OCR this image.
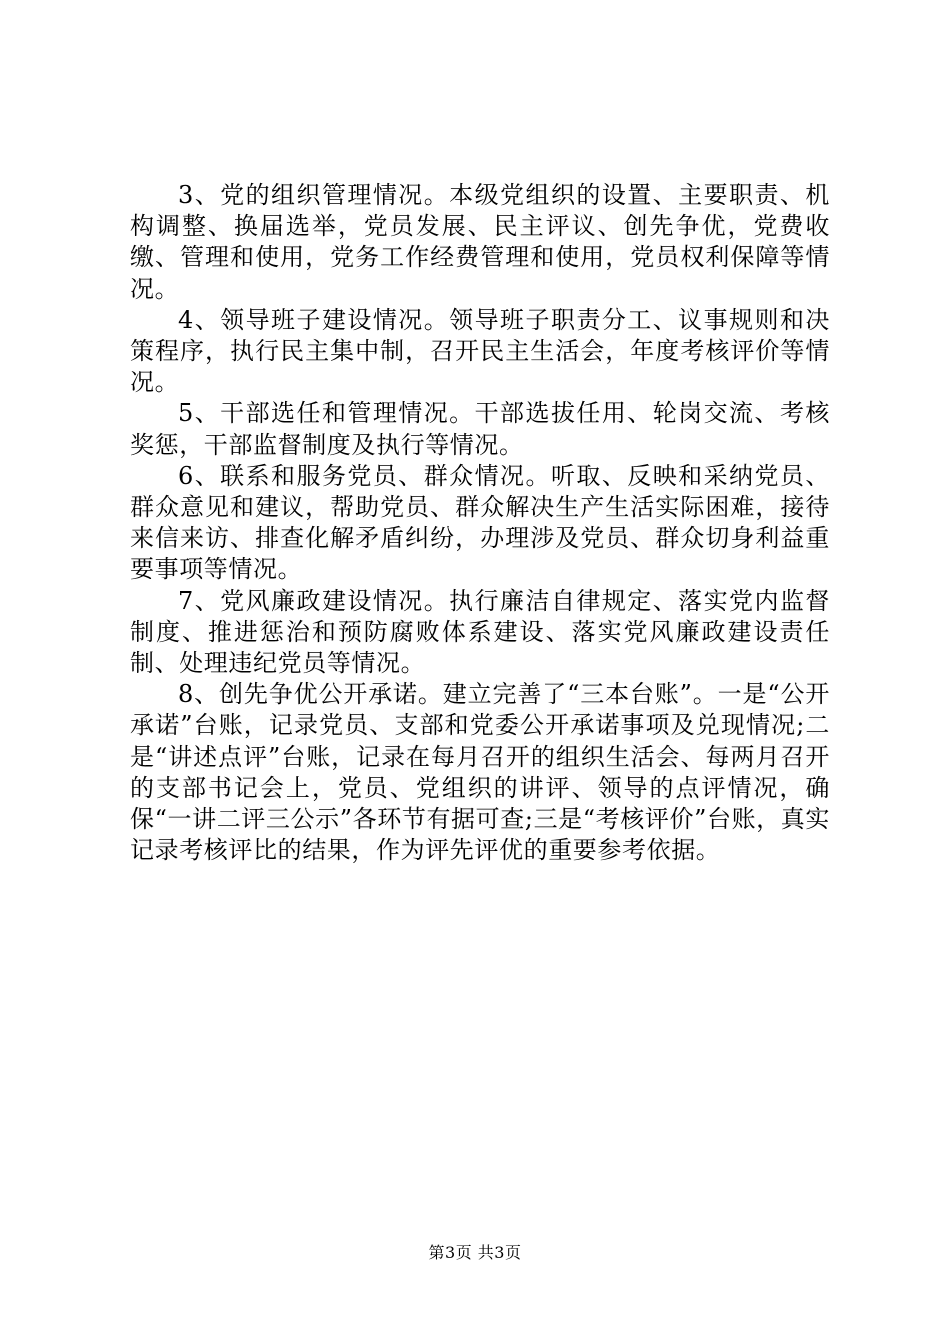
3、党的组织管理情况。本级党组织的设置、主要职责、机构调整、换届选举，党员发展、民主评议、创先争优，党费收缴、管理和使用，党务工作经费管理和使用，党员权利保障等情况。

4、领导班子建设情况。领导班子职责分工、议事规则和决策程序，执行民主集中制，召开民主生活会，年度考核评价等情况。

5、干部选任和管理情况。干部选拔任用、轮岗交流、考核奖惩，干部监督制度及执行等情况。

6、联系和服务党员、群众情况。听取、反映和采纳党员、群众意见和建议，帮助党员、群众解决生产生活实际困难，接待来信来访、排查化解矛盾纠纷，办理涉及党员、群众切身利益重要事项等情况。

7、党风廉政建设情况。执行廉洁自律规定、落实党内监督制度、推进惩治和预防腐败体系建设、落实党风廉政建设责任制、处理违纪党员等情况。

8、创先争优公开承诺。建立完善了“三本台账”。一是“公开承诺”台账，记录党员、支部和党委公开承诺事项及兑现情况;二是“讲述点评”台账，记录在每月召开的组织生活会、每两月召开的支部书记会上，党员、党组织的讲评、领导的点评情况，确保“一讲二评三公示”各环节有据可查;三是“考核评价”台账，真实记录考核评比的结果，作为评先评优的重要参考依据。

第3页 共3页
